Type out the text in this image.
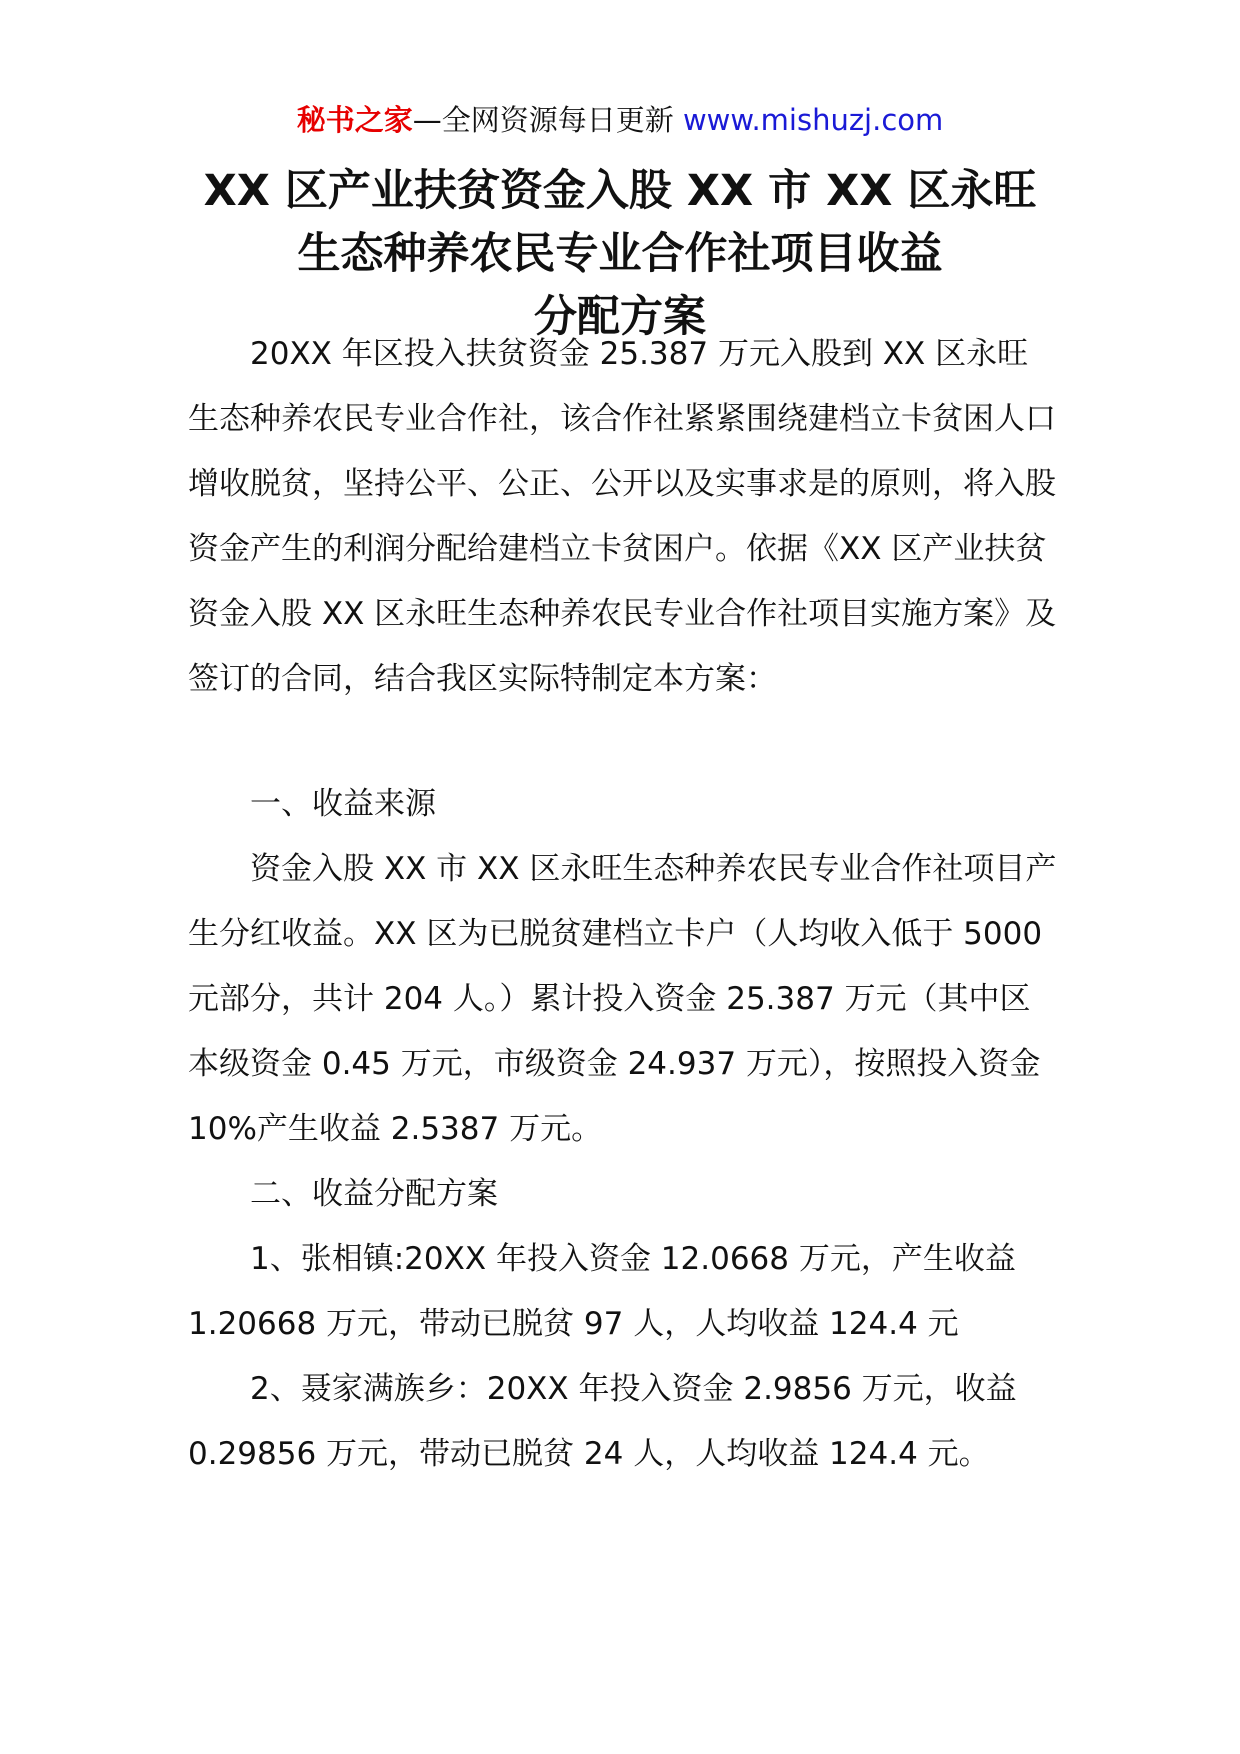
秘书之家—全网资源每日更新 www.mishuzj.com
XX 区产业扶贫资金入股 XX 市 XX 区永旺
生态种养农民专业合作社项目收益
分配方案

20XX 年区投入扶贫资金 25.387 万元入股到 XX 区永旺生态种养农民专业合作社，该合作社紧紧围绕建档立卡贫困人口增收脱贫，坚持公平、公正、公开以及实事求是的原则，将入股资金产生的利润分配给建档立卡贫困户。依据《XX 区产业扶贫资金入股 XX 区永旺生态种养农民专业合作社项目实施方案》及签订的合同，结合我区实际特制定本方案：

一、收益来源

资金入股 XX 市 XX 区永旺生态种养农民专业合作社项目产生分红收益。XX 区为已脱贫建档立卡户（人均收入低于 5000 元部分，共计 204 人。）累计投入资金 25.387 万元（其中区本级资金 0.45 万元，市级资金 24.937 万元），按照投入资金 10%产生收益 2.5387 万元。

二、收益分配方案

1、张相镇:20XX 年投入资金 12.0668 万元，产生收益 1.20668 万元，带动已脱贫 97 人，人均收益 124.4 元

2、聂家满族乡：20XX 年投入资金 2.9856 万元，收益 0.29856 万元，带动已脱贫 24 人，人均收益 124.4 元。
